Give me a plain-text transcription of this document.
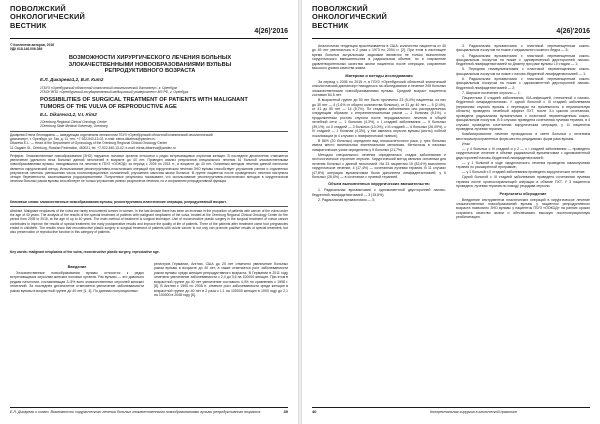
ПОВОЛЖСКИЙ
ОНКОЛОГИЧЕСКИЙ
ВЕСТНИК
4(26)'2016
© Коллектив авторов, 2016
УДК 618.146-006-089
ВОЗМОЖНОСТИ ХИРУРГИЧЕСКОГО ЛЕЧЕНИЯ БОЛЬНЫХ ЗЛОКАЧЕСТВЕННЫМИ НОВООБРАЗОВАНИЯМИ ВУЛЬВЫ РЕПРОДУКТИВНОГО ВОЗРАСТА
Е.Л. Дикарева1,2, В.И. Кит2
1ГБУЗ «Оренбургский областной клинический онкологический диспансер», г. Оренбург
2ГБОУ ВПО «Оренбургский государственный медицинский университет» МЗ РФ, г. Оренбург
POSSIBILITIES OF SURGICAL TREATMENT OF PATIENTS WITH MALIGNANT TUMORS OF THE VULVA OF REPRODUCTIVE AGE
E.L. Dikareva1,2, V.I. Kim2
1Orenburg Regional Clinical Oncology Center
2Orenburg State Medical University, Orenburg
Дикарева Елена Леонидовна — заведующая отделением гинекологии ГБУЗ «Оренбургский областной клинический онкологический
диспансер», г. Оренбург, ул. Гая, д. 11, тел. +7-922-540-13-02, e-mail: elena-dikareva@yandex.ru
Dikareva E.L. — Head of the Department of Gynecology of the Orenburg Regional Clinical Oncology Center
11 Gagarin St., Orenburg, Russian Federation, 460021, tel. +7-922-540-13-02, e-mail: elena-dikareva@yandex.ru
Реферат. Злокачественные новообразования (ЗНО) наружных половых органов относятся к редко встречающимся опухолям женщин. В последнее десятилетие отмечается увеличение удельного веса больных данной патологией в возрасте до 40 лет. Проведен анализ результатов специального лечения 61 больной злокачественными новообразованиями вульвы, находившихся на лечении в ГБУЗ «ООКОД» за период с 2005 по 2015 гг., в возрасте до 40 лет. Основным методом лечения данной патологии является хирургический метод. Использование реконструктивно-пластических операций при хирургическом лечении ЗНО вульвы способствует улучшению ранних и отдаленных результатов лечения, уменьшению числа послеоперационных осложнений, улучшению качества жизни больных. В группе пациенток после проведенного лечения наступила четыре беременности, закончившиеся родоразрешением. Полученные результаты показывают, что использование реконструктивно-пластических методов в хирургическом лечении больных раком вульвы способствует не только улучшению ранних результатов лечения, но и сохранению репродуктивной функции.
Ключевые слова: злокачественные новообразования вульвы, реконструктивно-пластические операции, репродуктивный возраст.
Abstract. Malignant neoplasms of the vulva are rarely encountered tumors in women. In the last decade there has been an increase in the proportion of patients with cancer of the vulva under the age of 40 years. The analysis of the results of the special treatment of patients with malignant neoplasms of the vulva, treated at the Orenburg Regional Clinical Oncology Center for the period from 2005 to 2015, at the age of up to 40 years. The main method of treatment is surgical technique. Use of reconstructive plastic surgery in the surgical treatment of vulvar cancer contributes to improve the results of special treatment, the early postoperative results and improve the quality of life of patients. Three of the patients after treatment came four pregnancies ended in childbirth. The results show that reconstructive plastic surgery in surgical treatment of patients with vulvar cancer is not only can promote positive results of special treatment, but also preservation of reproductive function in this category of patients.
Key words: malignant neoplasms of the vulva, reconstructive plastic surgery, reproductive age.
Введение
Злокачественные новообразования вульвы относятся к редко встречающимся опухолям женских половых органов. Рак вульвы — это довольно редкая патология, составляющая 3–5% всех злокачественных опухолей женских гениталий. За последнее десятилетие отмечается увеличение заболеваемости раком вульвы в возрастной группе до 40 лет [1, 4]. По данным популяционных
регистров Германии, Англии, США до 20 лет отмечено увеличение больных раком вульвы в возрасте до 40 лет, а также отмечается рост заболеваемости раком вульвы среди женщин репродуктивного возраста. В Германии в 2011 году отмечено увеличение заболеваемости с 2,4 до 3,6 на 100000 женщин. При этом в возрастной группе до 40 лет увеличение составило 4,4% по сравнению с 1998 г. [8]. В Англии с 1990 по 2008 гг. отмечен рост заболеваемости среди женщин в возрастной группе до 40 лет в 2 раза с 1,1 на 100000 женщин в 1990 году до 2,1 на 100000 в 2008 году [6].
Е.Л. Дикарева и соавт. Возможности хирургического лечения больных злокачественными новообразованиями вульвы репродуктивного возраста	39
ПОВОЛЖСКИЙ
ОНКОЛОГИЧЕСКИЙ
ВЕСТНИК
4(26)'2016
Аналогичная тенденция прослеживается в США: количество пациенток от 40 до 49 лет увеличилось в 2 раза с 1973 по 2004 гг. [2]. При этом в настоящее время больных актуальными задачами являются не только выполнение хирургического вмешательства в радикальном объеме, но и сохранение удовлетворительных качества жизни пациенток после операции, сохранение высокого уровня качества жизни.
Материал и методы исследования
За период с 2005 по 2015 гг. в ГБУЗ «Оренбургский областной клинический онкологический диспансер» находилось на обследовании и лечение 245 больных злокачественными новообразованиями вульвы. Средний возраст пациенток составил 64,5 лет.
В возрастной группе до 50 лет было пролечено 23 (9,4%) пациентки, из них до 30 лет — 4 (1,6% от общего количества больных), от 31 до 40 лет — 5 (2,4%), от 41 до 50 лет — 14 (5,7%). По стадиям заболевания они распределились следующим образом: с интраэпителиальным раком — 1 больная (9,1%), с продолженным ростом опухоли после нерадикального лечения в общей лечебной сети — 1 больная (4,3%), с I стадией заболевания — 9 больных (39,1%), со II стадией — 3 больных (13,0%), с III стадией — 6 больных (26,09%), с IV стадией — 1 больная (4,3%), у них имелись опухоли вульвы (кисты) лобной локализации (в 4 случаях с лимфатической тканью).
В 86% (20 больных) определен вид плоскоклеточного рака, у трех больных имела место вагинальная эпителиальная меланома. Метастазы в паховых лимфатических узлах определены у 5 больных (21,7%).
Методом специального лечения определялась стадия заболевания и гистологическое строение опухоли. Хирургический метод являлся основным для лечения больных с данной патологией. На 23 пациентки 19 (82,6%) выполнено хирургическое лечение, 4 (17,4%) — сочетанная лучевая терапия. В 11 случаях (47,8%) операция вульвэктомии была дополнена лимфаденэктомией; у 6 больных (26,6%) — в сочетании с лучевой терапией.
Объем выполненных хирургических вмешательств:
1. Радикальная вульвэктомия с одномоментной двусторонней пахово-бедренной лимфаденэктомией — 3 (15,8%);
2. Радикальная вульвэктомия — 3;
3. Радикальная вульвэктомия с пластикой переменщенным кожно-фасциальным лоскутом на ножке с медиального кожного бедра — 5;
4. Радикальная вульвэктомия с пластикой переменщенным кожно-фасциальным лоскутом на ножке с одновременной двусторонней пахово-бедренной лимфаденэктомией по Дюкену при раке вульвы I-II стадии — 1;
5. Передняя гемивульвэктомия с пластикой переменщенным кожно-фасциальным лоскутом на ножке с пахово-бедренной лимфаденэктомией — 1;
6. Радикальная вульвэктомия с пластикой переменщенным кожно-фасциальным лоскутом на ножке с одномоментной двусторонней пахово-бедренной лимфаденэктомией — 2;
7. Широкое иссечение опухоли — 1.
Пациенткам II стадией заболевания, IIIА-инфекцией, отнесенной к пахово-бедренной лимфаденэктомии. У одной больной с III стадией заболевания (первичная опухоль вульвы с переходом на промежность и перианальную область) проведено лечебный эффект ПХТ, после 3-х циклов сочетанная, проведена радикальная вульвэктомия с пластикой переменщенным кожно-фасциальным лоскутом. В 6 случаях проведена сочетанная лучевая терапия, в 4 случаях проведена сочетанная хирургическая операция, у 11 пациенток проведена лучевая терапия.
Комбинированное лечение проводилось в свете больных с лечением местнораспространенных форм местно-рецидивных форм рака вульвы.
Итак:
— у 4 больных с III стадией и у 2 — с I стадией заболевания — проведено хирургическое лечение в объеме радикальной вульвэктомии с одномоментной двусторонней пахово-бедренной лимфаденэктомией;
— у 1 больной в ходе хирургического лечения проведена химиолучевая терапия по расширенной программе;
— у 1 больной с II стадией заболевания проведено хирургическое лечение.
Одной больной с III стадией заболевания проведено сочетанная лучевая терапия после органосохраняющей операции в объеме ПХТ. У 3 пациенток проведено лучевая терапия по поводу рецидива опухоли.
Результаты обсуждение
Внедрение инструментов пластических операций в хирургическое лечение злокачественных новообразований вульвы у пациенток репродуктивного возраста позволило ЗНО вульвы у пациенток ГБУЗ «ООКОД» на ранних сроках сохранять качество жизни и обеспечивать высокую послеоперационную реабилитацию.
40	Колоректальная хирургия в клинической практике
